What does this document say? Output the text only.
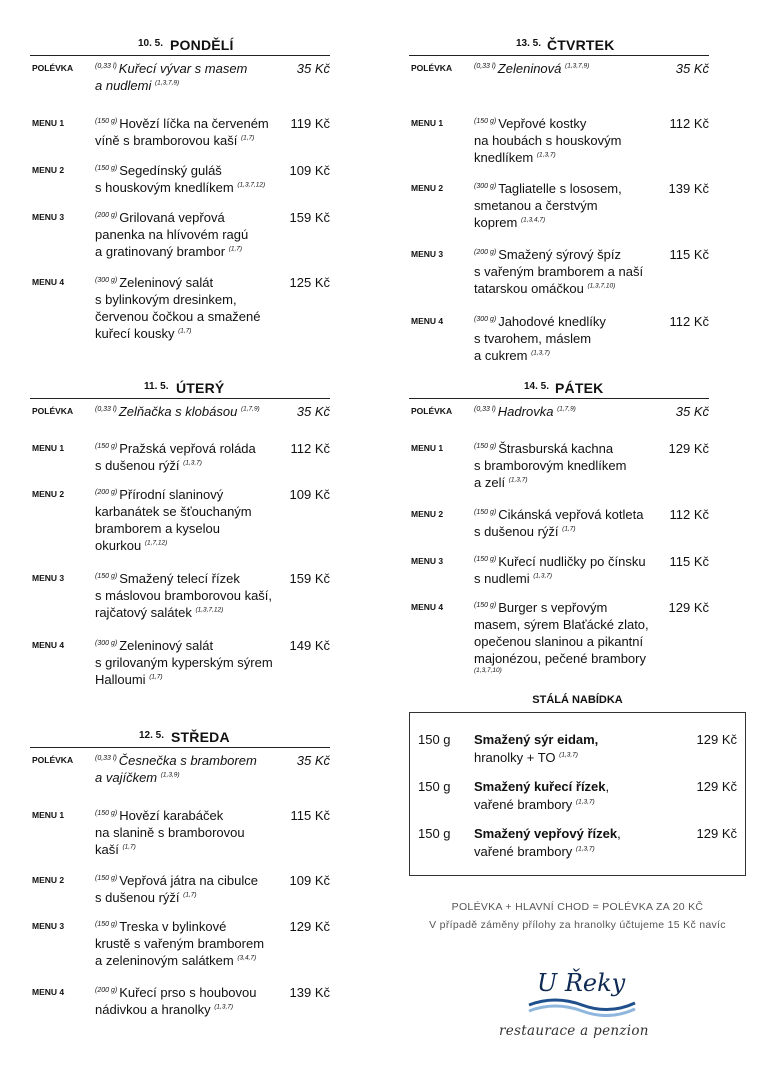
10. 5. PONDĚLÍ
POLÉVKA	$^{(0,33 l)}$ Kuřecí vývar s masem
a nudlemi $^{(1,3,7,9)}$
35 Kč
MENU 1	$^{(150 g)}$ Hovězí líčka na červeném
víně s bramborovou kaší $^{(1,7)}$
119 Kč
MENU 2	$^{(150 g)}$ Segedínský guláš
s houskovým knedlíkem $^{(1,3,7,12)}$
109 Kč
MENU 3	$^{(200 g)}$ Grilovaná vepřová
panenka na hlívovém ragú
a gratinovaný brambor $^{(1,7)}$
159 Kč
MENU 4	$^{(300 g)}$ Zeleninový salát
s bylinkovým dresinkem,
červenou čočkou a smažené
kuřecí kousky $^{(1,7)}$
125 Kč
11. 5. ÚTERÝ
POLÉVKA	$^{(0,33 l)}$ Zelňačka s klobásou $^{(1,7,9)}$	35 Kč
MENU 1	$^{(150 g)}$ Pražská vepřová roláda
s dušenou rýží $^{(1,3,7)}$
112 Kč
MENU 2	$^{(200 g)}$ Přírodní slaninový
karbanátek se šťouchaným
bramborem a kyselou
okurkou $^{(1,7,12)}$
109 Kč
MENU 3	$^{(150 g)}$ Smažený telecí řízek
s máslovou bramborovou kaší,
rajčatový salátek $^{(1,3,7,12)}$
159 Kč
MENU 4	$^{(300 g)}$ Zeleninový salát
s grilovaným kyperským sýrem
Halloumi $^{(1,7)}$
149 Kč
12. 5. STŘEDA
POLÉVKA	$^{(0,33 l)}$ Česnečka s bramborem
a vajíčkem $^{(1,3,9)}$
35 Kč
MENU 1	$^{(150 g)}$ Hovězí karabáček
na slanině s bramborovou
kaší $^{(1,7)}$
115 Kč
MENU 2	$^{(150 g)}$ Vepřová játra na cibulce
s dušenou rýží $^{(1,7)}$
109 Kč
MENU 3	$^{(150 g)}$ Treska v bylinkové
krustě s vařeným bramborem
a zeleninovým salátkem $^{(3,4,7)}$
129 Kč
MENU 4	$^{(200 g)}$ Kuřecí prso s houbovou
nádivkou a hranolky $^{(1,3,7)}$
139 Kč
13. 5. ČTVRTEK
POLÉVKA	$^{(0,33 l)}$ Zeleninová $^{(1,3,7,9)}$	35 Kč
MENU 1	$^{(150 g)}$ Vepřové kostky
na houbách s houskovým
knedlíkem $^{(1,3,7)}$
112 Kč
MENU 2	$^{(300 g)}$ Tagliatelle s lososem,
smetanou a čerstvým
koprem $^{(1,3,4,7)}$
139 Kč
MENU 3	$^{(200 g)}$ Smažený sýrový špíz
s vařeným bramborem a naší
tatarskou omáčkou $^{(1,3,7,10)}$
115 Kč
MENU 4	$^{(300 g)}$ Jahodové knedlíky
s tvarohem, máslem
a cukrem $^{(1,3,7)}$
112 Kč
14. 5. PÁTEK
POLÉVKA	$^{(0,33 l)}$ Hadrovka $^{(1,7,9)}$	35 Kč
MENU 1	$^{(150 g)}$ Štrasburská kachna
s bramborovým knedlíkem
a zelí $^{(1,3,7)}$
129 Kč
MENU 2	$^{(150 g)}$ Cikánská vepřová kotleta
s dušenou rýží $^{(1,7)}$
112 Kč
MENU 3	$^{(150 g)}$ Kuřecí nudličky po čínsku
s nudlemi $^{(1,3,7)}$
115 Kč
MENU 4	$^{(150 g)}$ Burger s vepřovým
masem, sýrem Blaťácké zlato,
opečenou slaninou a pikantní
majonézou, pečené brambory
$^{(1,3,7,10)}$
129 Kč
STÁLÁ NABÍDKA
150 g Smažený sýr eidam,
hranolky + TO $^{(1,3,7)}$
129 Kč
150 g Smažený kuřecí řízek,
vařené brambory $^{(1,3,7)}$
129 Kč
150 g Smažený vepřový řízek,
vařené brambory $^{(1,3,7)}$
129 Kč
POLÉVKA + HLAVNÍ CHOD = POLÉVKA ZA 20 KČ
V případě záměny přílohy za hranolky účtujeme 15 Kč navíc
U Řeky
restaurace a penzion
